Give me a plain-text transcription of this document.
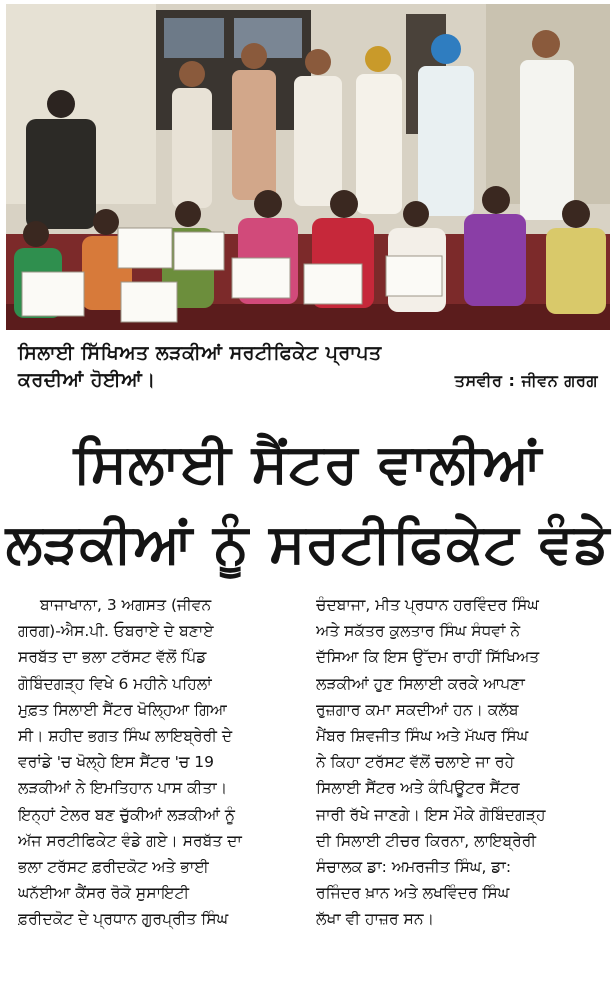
ਸਿਲਾਈ ਸਿੱਖਿਅਤ ਲੜਕੀਆਂ ਸਰਟੀਫਿਕੇਟ ਪ੍ਰਾਪਤ
ਕਰਦੀਆਂ ਹੋਈਆਂ।	ਤਸਵੀਰ : ਜੀਵਨ ਗਰਗ
ਸਿਲਾਈ ਸੈਂਟਰ ਵਾਲੀਆਂ
ਲੜਕੀਆਂ ਨੂੰ ਸਰਟੀਫਿਕੇਟ ਵੰਡੇ
ਬਾਜਾਖਾਨਾ, 3 ਅਗਸਤ (ਜੀਵਨ
ਗਰਗ)-ਐਸ.ਪੀ. ਓਬਰਾਏ ਦੇ ਬਣਾਏ
ਸਰਬੱਤ ਦਾ ਭਲਾ ਟਰੱਸਟ ਵੱਲੋਂ ਪਿੰਡ
ਗੋਬਿੰਦਗੜ੍ਹ ਵਿਖੇ 6 ਮਹੀਨੇ ਪਹਿਲਾਂ
ਮੁਫ਼ਤ ਸਿਲਾਈ ਸੈਂਟਰ ਖੋਲ੍ਹਿਆ ਗਿਆ
ਸੀ। ਸ਼ਹੀਦ ਭਗਤ ਸਿੰਘ ਲਾਇਬ੍ਰੇਰੀ ਦੇ
ਵਰਾਂਡੇ 'ਚ ਖੋਲ੍ਹੇ ਇਸ ਸੈਂਟਰ 'ਚ 19
ਲੜਕੀਆਂ ਨੇ ਇਮਤਿਹਾਨ ਪਾਸ ਕੀਤਾ।
ਇਨ੍ਹਾਂ ਟੇਲਰ ਬਣ ਚੁੱਕੀਆਂ ਲੜਕੀਆਂ ਨੂੰ
ਅੱਜ ਸਰਟੀਫਿਕੇਟ ਵੰਡੇ ਗਏ। ਸਰਬੱਤ ਦਾ
ਭਲਾ ਟਰੱਸਟ ਫ਼ਰੀਦਕੋਟ ਅਤੇ ਭਾਈ
ਘਨੱਈਆ ਕੈਂਸਰ ਰੋਕੋ ਸੁਸਾਇਟੀ
ਫ਼ਰੀਦਕੋਟ ਦੇ ਪ੍ਰਧਾਨ ਗੁਰਪ੍ਰੀਤ ਸਿੰਘ
ਚੰਦਬਾਜਾ, ਮੀਤ ਪ੍ਰਧਾਨ ਹਰਵਿੰਦਰ ਸਿੰਘ
ਅਤੇ ਸਕੱਤਰ ਕੁਲਤਾਰ ਸਿੰਘ ਸੰਧਵਾਂ ਨੇ
ਦੱਸਿਆ ਕਿ ਇਸ ਉੱਦਮ ਰਾਹੀਂ ਸਿੱਖਿਅਤ
ਲੜਕੀਆਂ ਹੁਣ ਸਿਲਾਈ ਕਰਕੇ ਆਪਣਾ
ਰੁਜ਼ਗਾਰ ਕਮਾ ਸਕਦੀਆਂ ਹਨ। ਕਲੱਬ
ਮੈਂਬਰ ਸ਼ਿਵਜੀਤ ਸਿੰਘ ਅਤੇ ਮੱਘਰ ਸਿੰਘ
ਨੇ ਕਿਹਾ ਟਰੱਸਟ ਵੱਲੋਂ ਚਲਾਏ ਜਾ ਰਹੇ
ਸਿਲਾਈ ਸੈਂਟਰ ਅਤੇ ਕੰਪਿਊਟਰ ਸੈਂਟਰ
ਜਾਰੀ ਰੱਖੇ ਜਾਣਗੇ। ਇਸ ਮੌਕੇ ਗੋਬਿੰਦਗੜ੍ਹ
ਦੀ ਸਿਲਾਈ ਟੀਚਰ ਕਿਰਨਾ, ਲਾਇਬ੍ਰੇਰੀ
ਸੰਚਾਲਕ ਡਾ: ਅਮਰਜੀਤ ਸਿੰਘ, ਡਾ:
ਰਜਿੰਦਰ ਖ਼ਾਨ ਅਤੇ ਲਖਵਿੰਦਰ ਸਿੰਘ
ਲੱਖਾ ਵੀ ਹਾਜ਼ਰ ਸਨ।
